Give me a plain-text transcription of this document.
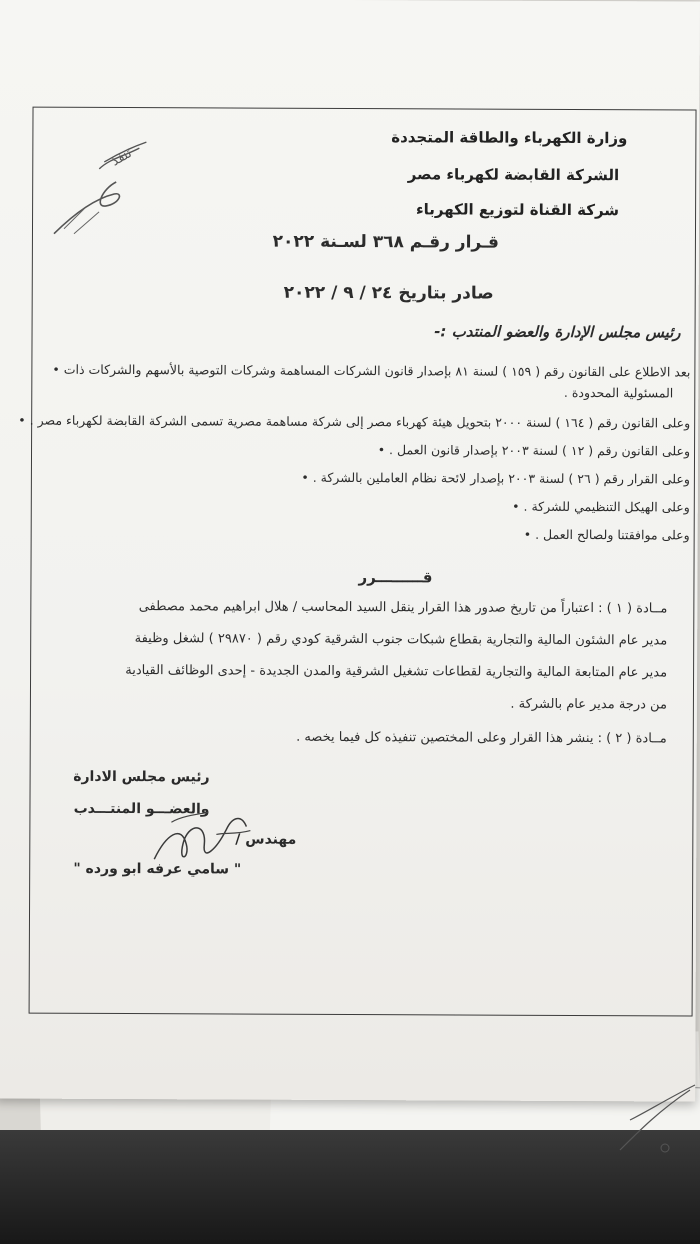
وزارة الكهرباء والطاقة المتجددة
الشركة القابضة لكهرباء مصر
شركة القناة لتوزيع الكهرباء
تنفذ
قـرار رقـم ٣٦٨ لسـنة ٢٠٢٢
صادر بتاريخ ٢٤ / ٩ / ٢٠٢٢
رئيس مجلس الإدارة والعضو المنتدب :-
بعد الاطلاع على القانون رقم ( ١٥٩ ) لسنة ٨١ بإصدار قانون الشركات المساهمة وشركات التوصية بالأسهم والشركات ذات •
المسئولية المحدودة .
وعلى القانون رقم ( ١٦٤ ) لسنة ٢٠٠٠ بتحويل هيئة كهرباء مصر إلى شركة مساهمة مصرية تسمى الشركة القابضة لكهرباء مصر . •
وعلى القانون رقم ( ١٢ ) لسنة ٢٠٠٣ بإصدار قانون العمل . •
وعلى القرار رقم ( ٢٦ ) لسنة ٢٠٠٣ بإصدار لائحة نظام العاملين بالشركة . •
وعلى الهيكل التنظيمي للشركة . •
وعلى موافقتنا ولصالح العمل . •
قـــــــــرر
مــادة ( ١ ) : اعتباراً من تاريخ صدور هذا القرار ينقل السيد المحاسب / هلال ابراهيم محمد مصطفى
مدير عام الشئون المالية والتجارية بقطاع شبكات جنوب الشرقية كودي رقم ( ٢٩٨٧٠ ) لشغل وظيفة
مدير عام المتابعة المالية والتجارية لقطاعات تشغيل الشرقية والمدن الجديدة - إحدى الوظائف القيادية
من درجة مدير عام بالشركة .
مــادة ( ٢ ) : ينشر هذا القرار وعلى المختصين تنفيذه كل فيما يخصه .
رئيس مجلس الادارة
والعضـــو المنتـــدب
مهندس /
" سامي عرفه ابو ورده "
